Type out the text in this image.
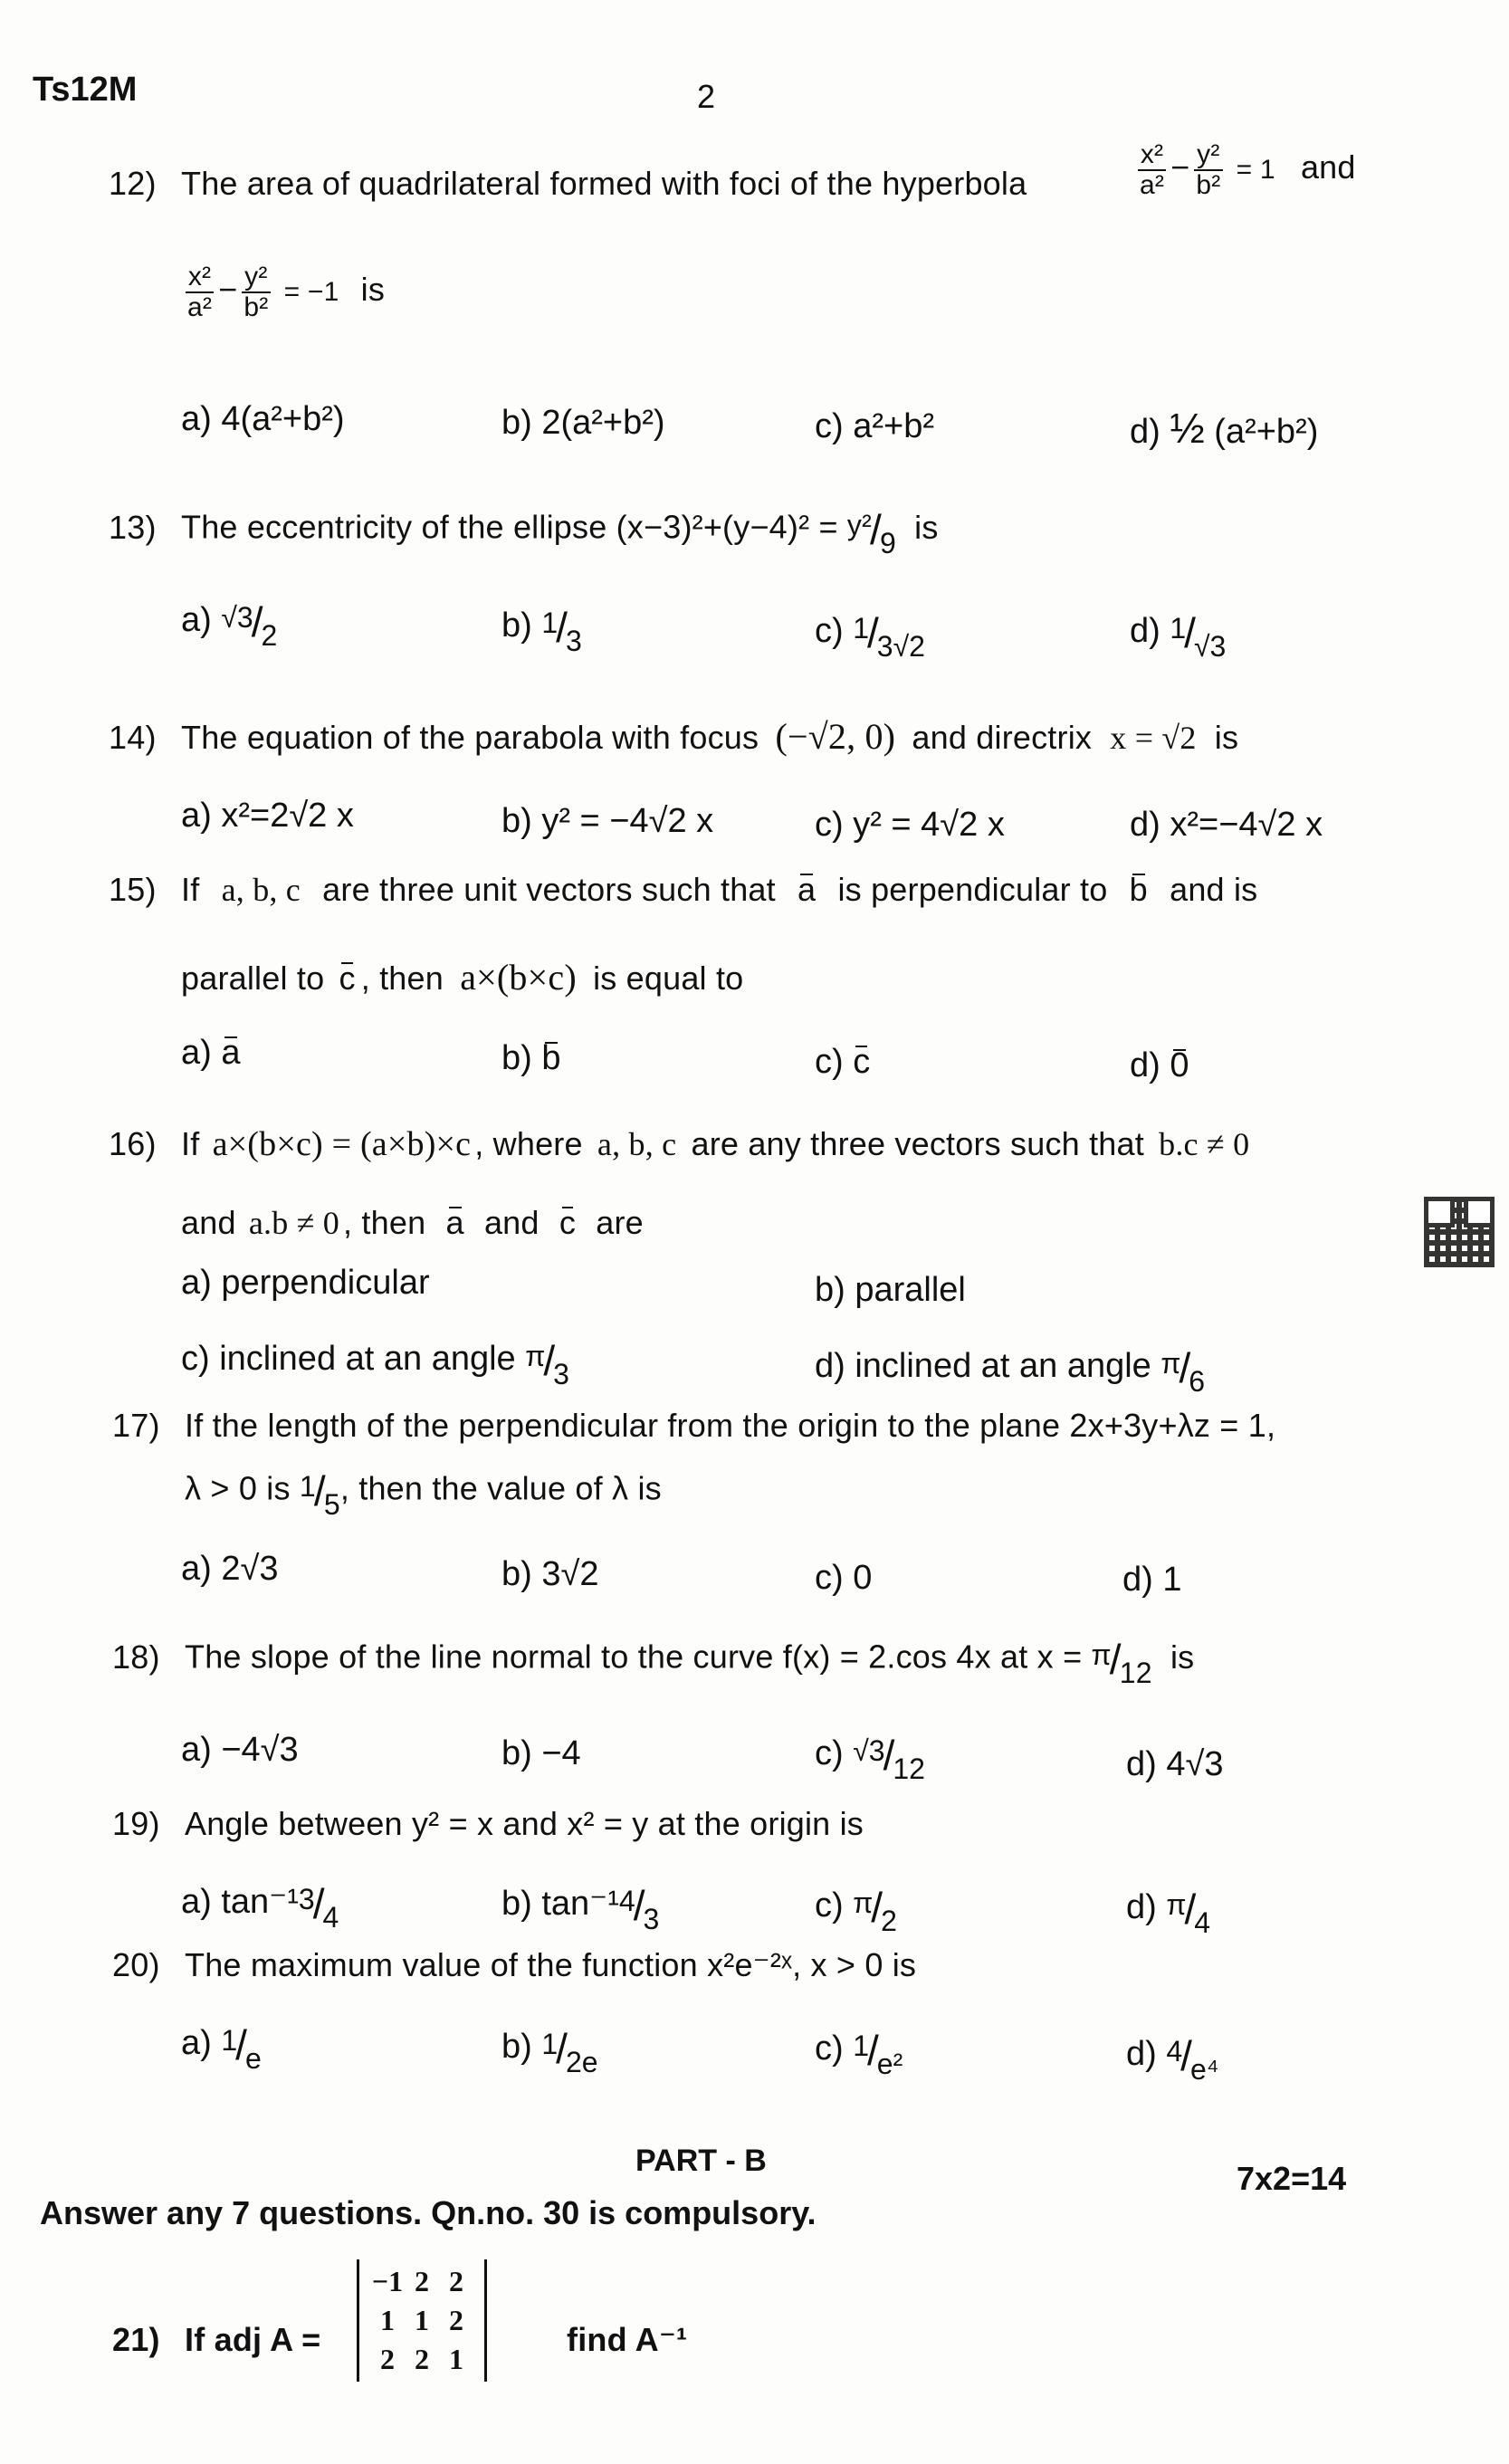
Ts12M	2
12) The area of quadrilateral formed with foci of the hyperbola	$\frac{\text{x²}}{\text{a²}} - \frac{\text{y²}}{\text{b²}} = 1$ and
$\frac{\text{x²}}{\text{a²}} - \frac{\text{y²}}{\text{b²}} = -1$ is
a) 4(a²+b²)	b) 2(a²+b²)	c) a²+b²	d) ½ (a²+b²)
13) The eccentricity of the ellipse (x−3)²+(y−4)² = y²/9 is
a) √3/2	b) 1/3	c) 1/3√2	d) 1/√3
14) The equation of the parabola with focus (−√2, 0) and directrix x = √2 is
a) x²=2√2 x	b) y² = −4√2 x	c) y² = 4√2 x	d) x²=−4√2 x
15) If a, b, c are three unit vectors such that a is perpendicular to b and is
parallel to c , then a×(b×c) is equal to
a) a	b) b	c) c	d) 0
16) If a×(b×c) = (a×b)×c , where a, b, c are any three vectors such that b.c ≠ 0
and a.b ≠ 0 , then a and c are
a) perpendicular	b) parallel
c) inclined at an angle π/3	d) inclined at an angle π/6
17) If the length of the perpendicular from the origin to the plane 2x+3y+λz = 1,
λ > 0 is 1/5, then the value of λ is
a) 2√3	b) 3√2	c) 0	d) 1
18) The slope of the line normal to the curve f(x) = 2.cos 4x at x = π/12 is
a) −4√3	b) −4	c) √3/12	d) 4√3
19) Angle between y² = x and x² = y at the origin is
a) tan⁻¹3/4	b) tan⁻¹4/3	c) π/2	d) π/4
20) The maximum value of the function x²e⁻²ˣ, x > 0 is
a) 1/e	b) 1/2e	c) 1/e²	d) 4/e⁴
PART - B	7x2=14
Answer any 7 questions. Qn.no. 30 is compulsory.
21) If adj A =
−1 2 2
1 1 2
2 2 1
find A⁻¹
